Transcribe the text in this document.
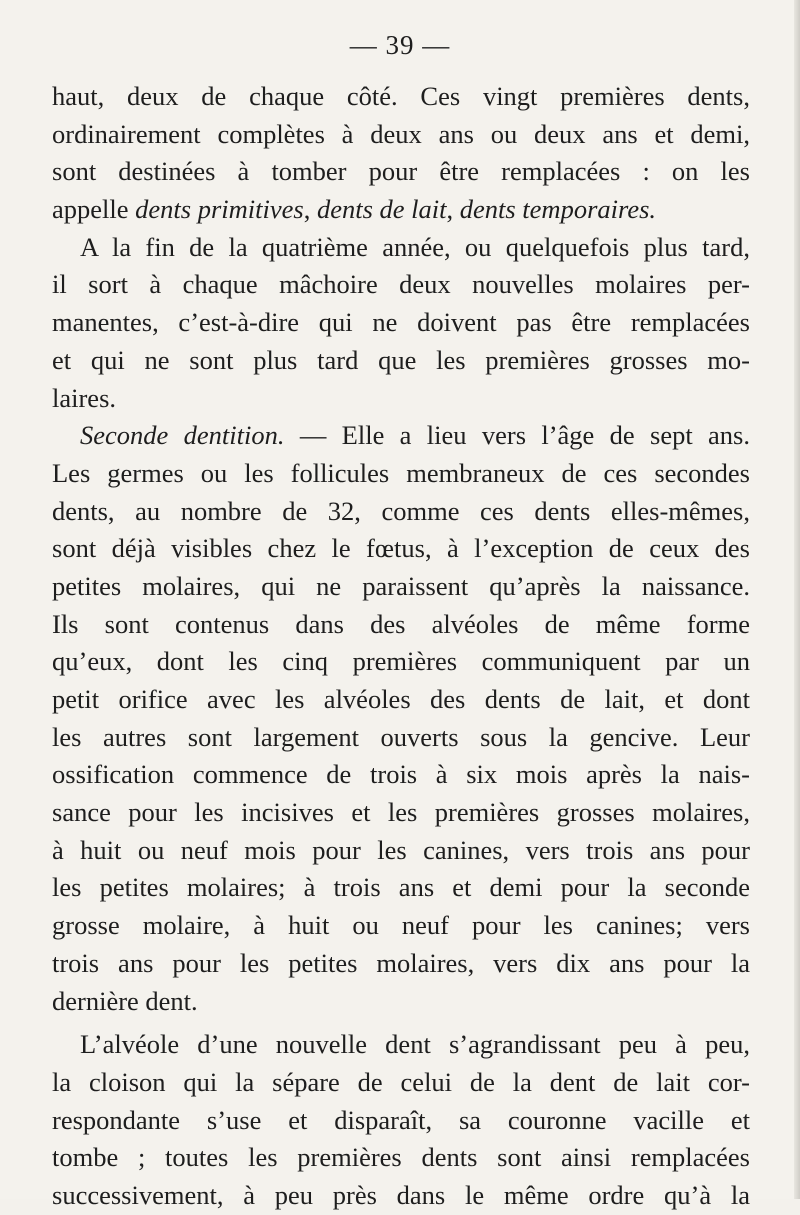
— 39 —
haut, deux de chaque côté. Ces vingt premières dents,
ordinairement complètes à deux ans ou deux ans et demi,
sont destinées à tomber pour être remplacées : on les
appelle dents primitives, dents de lait, dents temporaires.
A la fin de la quatrième année, ou quelquefois plus tard,
il sort à chaque mâchoire deux nouvelles molaires per-
manentes, c’est-à-dire qui ne doivent pas être remplacées
et qui ne sont plus tard que les premières grosses mo-
laires.
Seconde dentition. — Elle a lieu vers l’âge de sept ans.
Les germes ou les follicules membraneux de ces secondes
dents, au nombre de 32, comme ces dents elles-mêmes,
sont déjà visibles chez le fœtus, à l’exception de ceux des
petites molaires, qui ne paraissent qu’après la naissance.
Ils sont contenus dans des alvéoles de même forme
qu’eux, dont les cinq premières communiquent par un
petit orifice avec les alvéoles des dents de lait, et dont
les autres sont largement ouverts sous la gencive. Leur
ossification commence de trois à six mois après la nais-
sance pour les incisives et les premières grosses molaires,
à huit ou neuf mois pour les canines, vers trois ans pour
les petites molaires; à trois ans et demi pour la seconde
grosse molaire, à huit ou neuf pour les canines; vers
trois ans pour les petites molaires, vers dix ans pour la
dernière dent.
L’alvéole d’une nouvelle dent s’agrandissant peu à peu,
la cloison qui la sépare de celui de la dent de lait cor-
respondante s’use et disparaît, sa couronne vacille et
tombe ; toutes les premières dents sont ainsi remplacées
successivement, à peu près dans le même ordre qu’à la
